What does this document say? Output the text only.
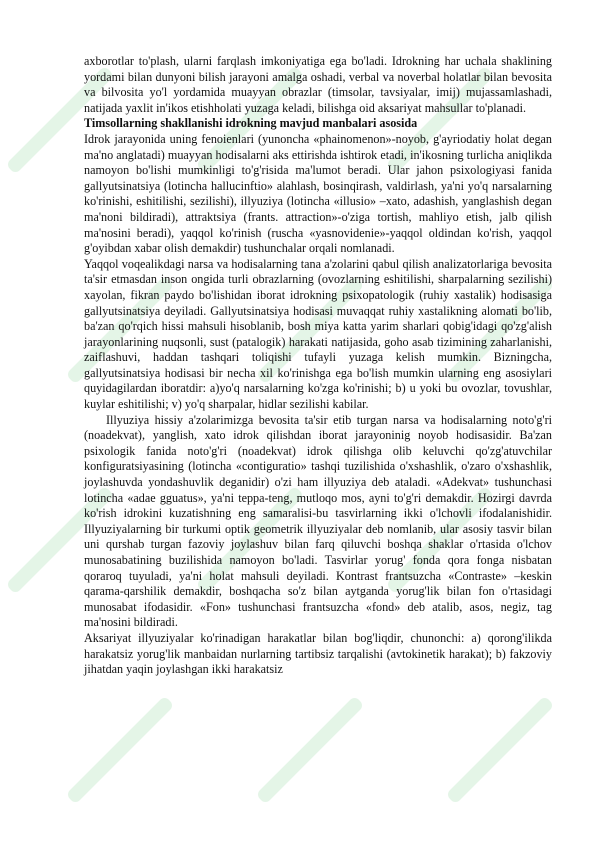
axborotlar to'plash, ularni farqlash imkoniyatiga ega bo'ladi. Idrokning har uchala shaklining yordami bilan dunyoni bilish jarayoni amalga oshadi, verbal va noverbal holatlar bilan bevosita va bilvosita yo'l yordamida muayyan obrazlar (timsolar, tavsiyalar, imij) mujassamlashadi, natijada yaxlit in'ikos etishholati yuzaga keladi, bilishga oid aksariyat mahsullar to'planadi.

Timsollarning shakllanishi idrokning mavjud manbalari asosida

Idrok jarayonida uning fenoienlari (yunoncha «phainomenon»-noyob, g'ayriodatiy holat degan ma'no anglatadi) muayyan hodisalarni aks ettirishda ishtirok etadi, in'ikosning turlicha aniqlikda namoyon bo'lishi mumkinligi to'g'risida ma'lumot beradi. Ular jahon psixologiyasi fanida gallyutsinatsiya (lotincha hallucinftio» alahlash, bosinqirash, valdirlash, ya'ni yo'q narsalarning ko'rinishi, eshitilishi, sezilishi), illyuziya (lotincha «illusio» –xato, adashish, yanglashish degan ma'noni bildiradi), attraktsiya (frants. attraction»-o'ziga tortish, mahliyo etish, jalb qilish ma'nosini beradi), yaqqol ko'rinish (ruscha «yasnovidenie»-yaqqol oldindan ko'rish, yaqqol g'oyibdan xabar olish demakdir) tushunchalar orqali nomlanadi.

Yaqqol voqealikdagi narsa va hodisalarning tana a'zolarini qabul qilish analizatorlariga bevosita ta'sir etmasdan inson ongida turli obrazlarning (ovozlarning eshitilishi, sharpalarning sezilishi) xayolan, fikran paydo bo'lishidan iborat idrokning psixopatologik (ruhiy xastalik) hodisasiga gallyutsinatsiya deyiladi. Gallyutsinatsiya hodisasi muvaqqat ruhiy xastalikning alomati bo'lib, ba'zan qo'rqich hissi mahsuli hisoblanib, bosh miya katta yarim sharlari qobig'idagi qo'zg'alish jarayonlarining nuqsonli, sust (patalogik) harakati natijasida, goho asab tizimining zaharlanishi, zaiflashuvi, haddan tashqari toliqishi tufayli yuzaga kelish mumkin. Bizningcha, gallyutsinatsiya hodisasi bir necha xil ko'rinishga ega bo'lish mumkin ularning eng asosiylari quyidagilardan iboratdir: a)yo'q narsalarning ko'zga ko'rinishi; b) u yoki bu ovozlar, tovushlar, kuylar eshitilishi; v) yo'q sharpalar, hidlar sezilishi kabilar.

Illyuziya hissiy a'zolarimizga bevosita ta'sir etib turgan narsa va hodisalarning noto'g'ri (noadekvat), yanglish, xato idrok qilishdan iborat jarayoninig noyob hodisasidir. Ba'zan psixologik fanida noto'g'ri (noadekvat) idrok qilishga olib keluvchi qo'zg'atuvchilar konfiguratsiyasining (lotincha «contiguratio» tashqi tuzilishida o'xshashlik, o'zaro o'xshashlik, joylashuvda yondashuvlik deganidir) o'zi ham illyuziya deb ataladi. «Adekvat» tushunchasi lotincha «adae gguatus», ya'ni teppa-teng, mutloqo mos, ayni to'g'ri demakdir. Hozirgi davrda ko'rish idrokini kuzatishning eng samaralisi-bu tasvirlarning ikki o'lchovli ifodalanishidir. Illyuziyalarning bir turkumi optik geometrik illyuziyalar deb nomlanib, ular asosiy tasvir bilan uni qurshab turgan fazoviy joylashuv bilan farq qiluvchi boshqa shaklar o'rtasida o'lchov munosabatining buzilishida namoyon bo'ladi. Tasvirlar yorug' fonda qora fonga nisbatan qoraroq tuyuladi, ya'ni holat mahsuli deyiladi. Kontrast frantsuzcha «Contraste» –keskin qarama-qarshilik demakdir, boshqacha so'z bilan aytganda yorug'lik bilan fon o'rtasidagi munosabat ifodasidir. «Fon» tushunchasi frantsuzcha «fond» deb atalib, asos, negiz, tag ma'nosini bildiradi.

Aksariyat illyuziyalar ko'rinadigan harakatlar bilan bog'liqdir, chunonchi: a) qorong'ilikda harakatsiz yorug'lik manbaidan nurlarning tartibsiz tarqalishi (avtokinetik harakat); b) fakzoviy jihatdan yaqin joylashgan ikki harakatsiz
